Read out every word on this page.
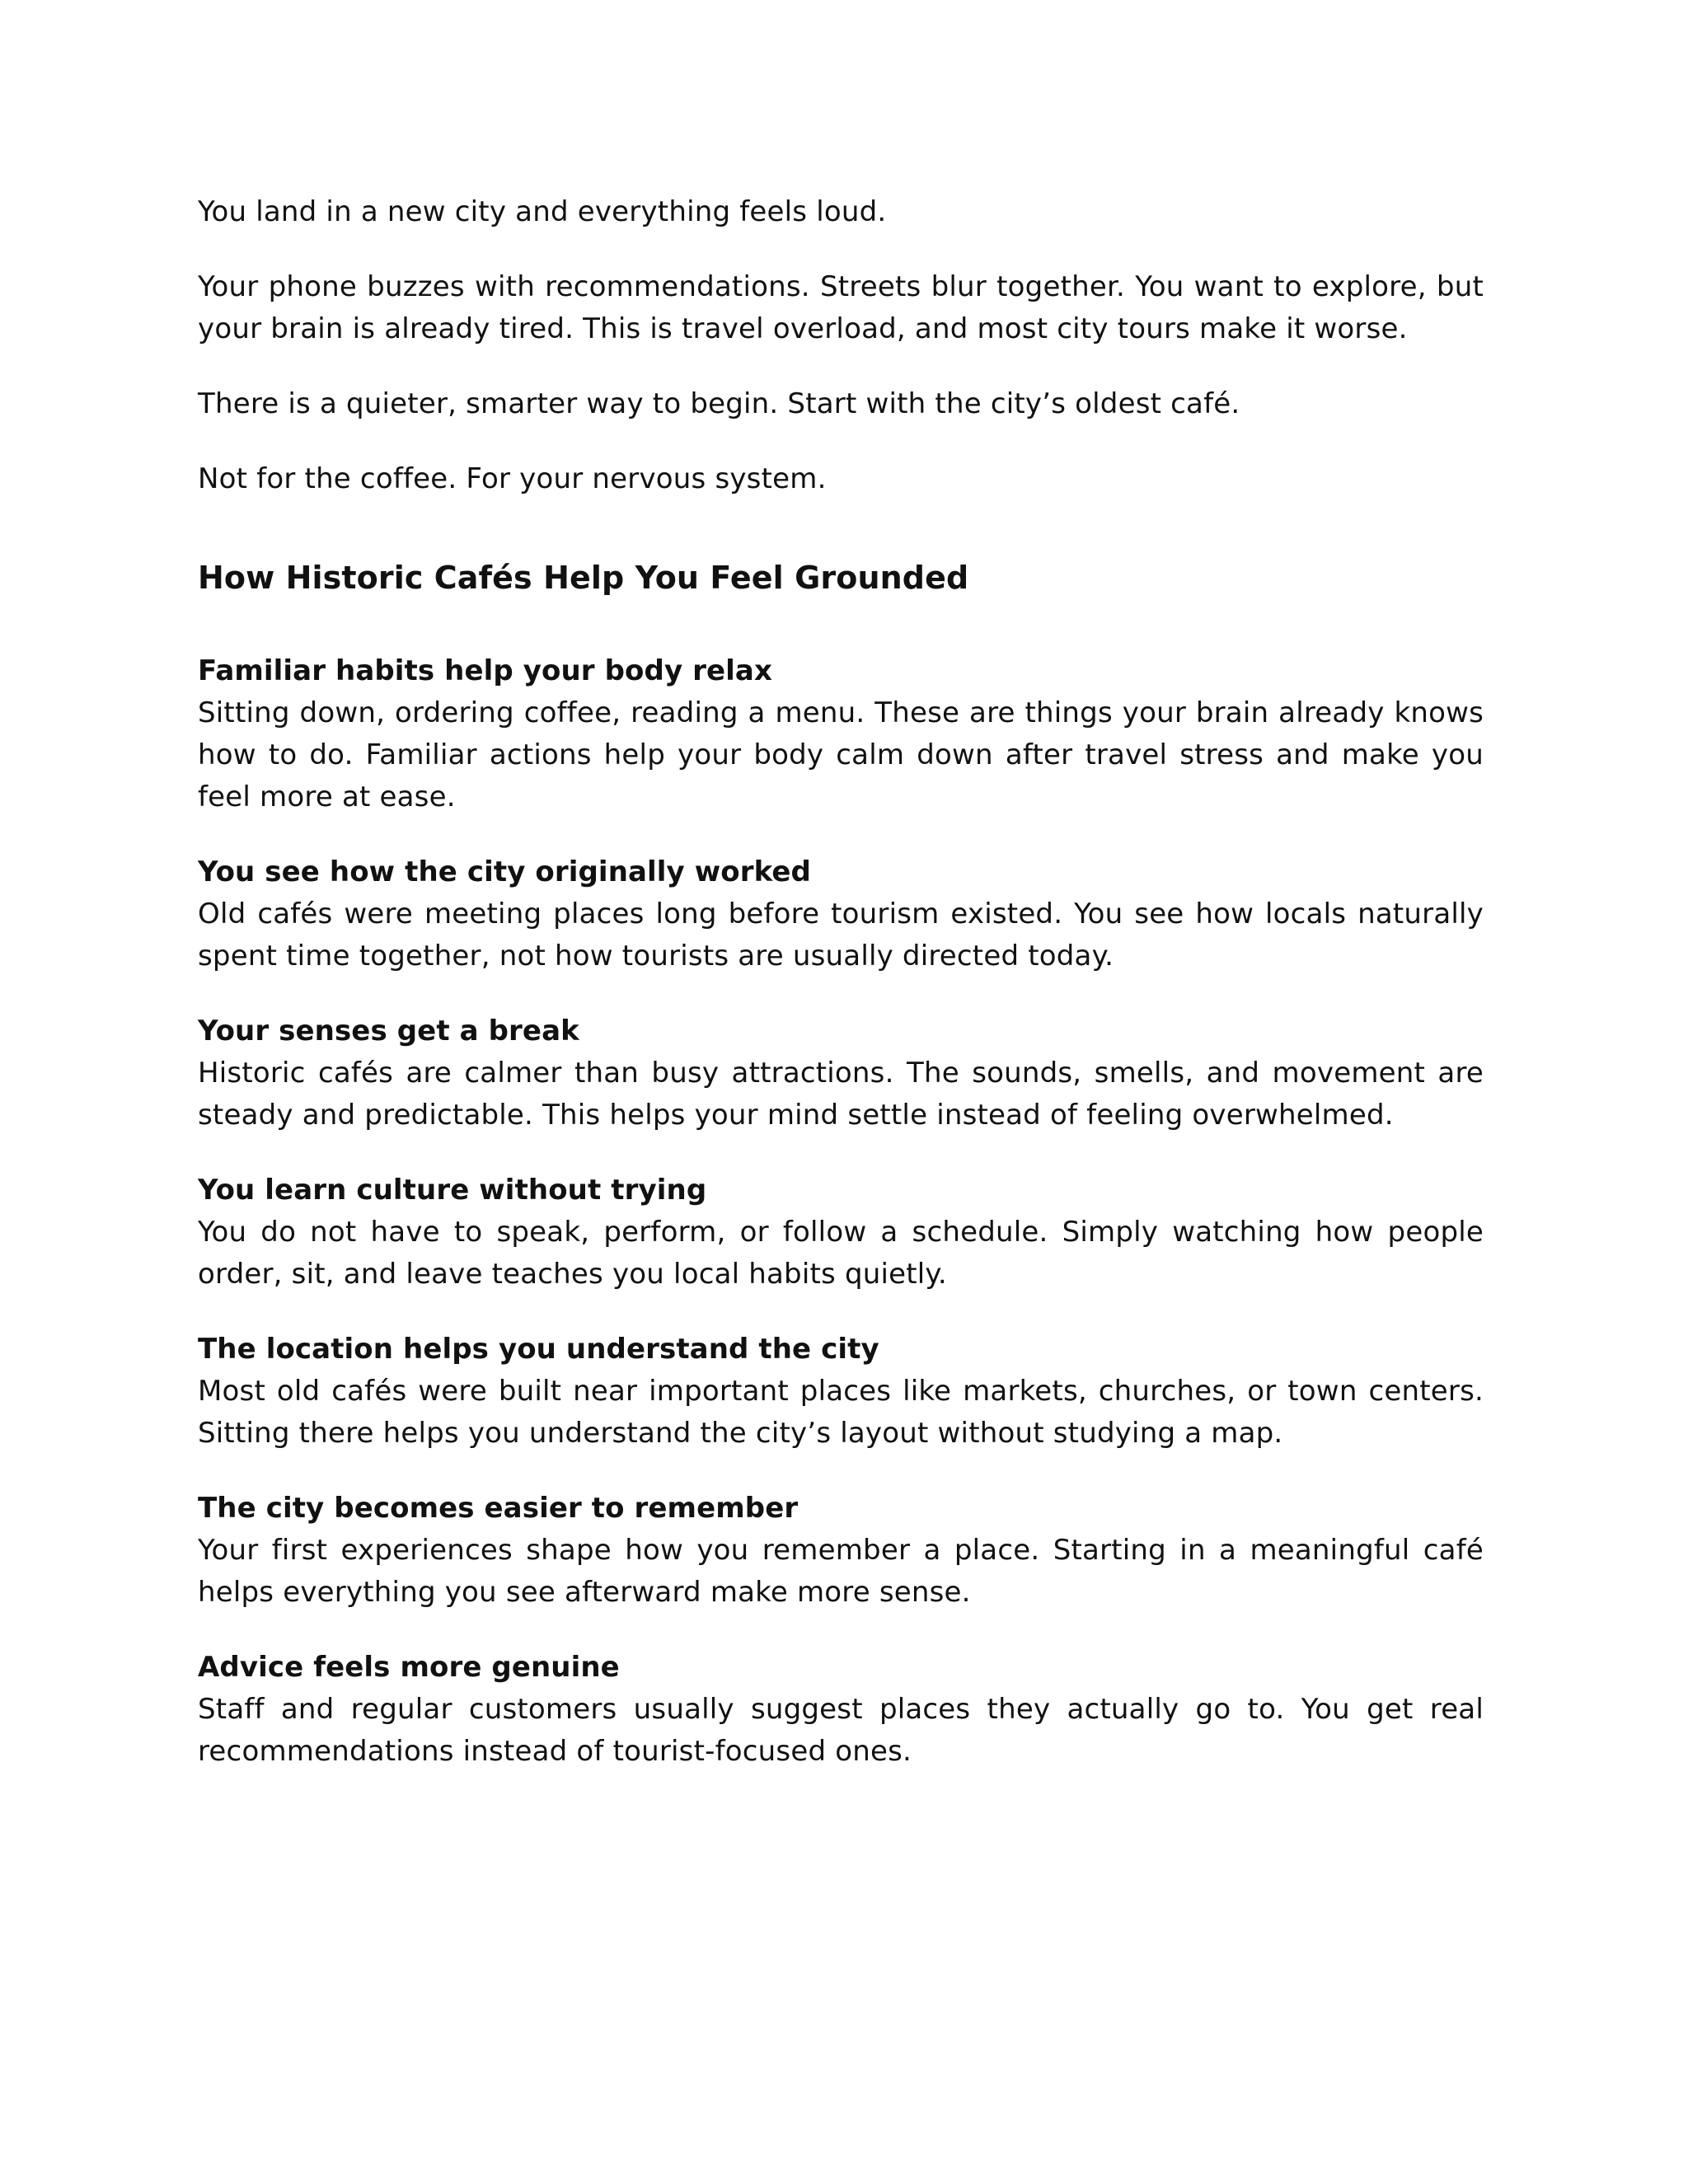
You land in a new city and everything feels loud.

Your phone buzzes with recommendations. Streets blur together. You want to explore, but your brain is already tired. This is travel overload, and most city tours make it worse.

There is a quieter, smarter way to begin. Start with the city’s oldest café.

Not for the coffee. For your nervous system.

How Historic Cafés Help You Feel Grounded
Familiar habits help your body relax

Sitting down, ordering coffee, reading a menu. These are things your brain already knows how to do. Familiar actions help your body calm down after travel stress and make you feel more at ease.

You see how the city originally worked

Old cafés were meeting places long before tourism existed. You see how locals naturally spent time together, not how tourists are usually directed today.

Your senses get a break

Historic cafés are calmer than busy attractions. The sounds, smells, and movement are steady and predictable. This helps your mind settle instead of feeling overwhelmed.

You learn culture without trying

You do not have to speak, perform, or follow a schedule. Simply watching how people order, sit, and leave teaches you local habits quietly.

The location helps you understand the city

Most old cafés were built near important places like markets, churches, or town centers. Sitting there helps you understand the city’s layout without studying a map.

The city becomes easier to remember

Your first experiences shape how you remember a place. Starting in a meaningful café helps everything you see afterward make more sense.

Advice feels more genuine

Staff and regular customers usually suggest places they actually go to. You get real recommendations instead of tourist-focused ones.
